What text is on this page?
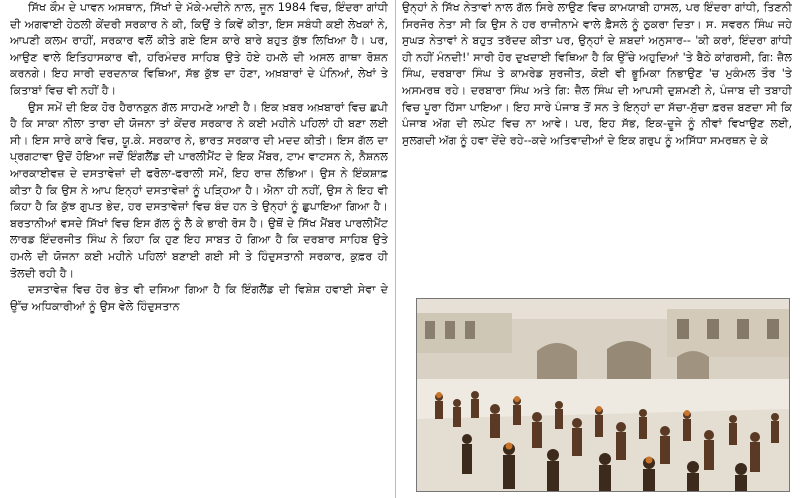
ਸਿੱਖ ਕੌਮ ਦੇ ਪਾਵਨ ਅਸਥਾਨ, ਸਿੱਖਾਂ ਦੇ ਮੱਕੇ-ਮਦੀਨੇ ਨਾਲ, ਜੂਨ 1984 ਵਿਚ, ਇੰਦਰਾ ਗਾਂਧੀ ਦੀ ਅਗਵਾਈ ਹੇਠਲੀ ਕੇਂਦਰੀ ਸਰਕਾਰ ਨੇ ਕੀ, ਕਿਉਂ ਤੇ ਕਿਵੇਂ ਕੀਤਾ, ਇਸ ਸਬੰਧੀ ਕਈ ਲੇਖਕਾਂ ਨੇ, ਆਪਣੀ ਕਲਮ ਰਾਹੀਂ, ਸਰਕਾਰ ਵਲੋਂ ਕੀਤੇ ਗਏ ਇਸ ਕਾਰੇ ਬਾਰੇ ਬਹੁਤ ਕੁੱਝ ਲਿਖਿਆ ਹੈ। ਪਰ, ਆਉਣ ਵਾਲੇ ਇਤਿਹਾਸਕਾਰ ਵੀ, ਹਰਿਮੰਦਰ ਸਾਹਿਬ ਉਤੇ ਹੋਏ ਹਮਲੇ ਦੀ ਅਸਲ ਗਾਥਾ ਰੋਸ਼ਨ ਕਰਨਗੇ। ਇਹ ਸਾਰੀ ਦਰਦਨਾਕ ਵਿਥਿਆ, ਸੱਭ ਕੁੱਝ ਦਾ ਹੋਣਾ, ਅਖ਼ਬਾਰਾਂ ਦੇ ਪੰਨਿਆਂ, ਲੇਖਾਂ ਤੇ ਕਿਤਾਬਾਂ ਵਿਚ ਵੀ ਨਹੀਂ ਹੈ।

ਉਸ ਸਮੇਂ ਦੀ ਇਕ ਹੋਰ ਹੈਰਾਨਕੁਨ ਗੱਲ ਸਾਹਮਣੇ ਆਈ ਹੈ। ਇਕ ਖ਼ਬਰ ਅਖ਼ਬਾਰਾਂ ਵਿਚ ਛਪੀ ਹੈ ਕਿ ਸਾਕਾ ਨੀਲਾ ਤਾਰਾ ਦੀ ਯੋਜਨਾ ਤਾਂ ਕੇਂਦਰ ਸਰਕਾਰ ਨੇ ਕਈ ਮਹੀਨੇ ਪਹਿਲਾਂ ਹੀ ਬਣਾ ਲਈ ਸੀ। ਇਸ ਸਾਰੇ ਕਾਰੇ ਵਿਚ, ਯੂ.ਕੇ. ਸਰਕਾਰ ਨੇ, ਭਾਰਤ ਸਰਕਾਰ ਦੀ ਮਦਦ ਕੀਤੀ। ਇਸ ਗੱਲ ਦਾ ਪ੍ਰਗਟਾਵਾ ਉਦੋਂ ਹੋਇਆ ਜਦੋਂ ਇੰਗਲੈਂਡ ਦੀ ਪਾਰਲੀਮੈਂਟ ਦੇ ਇਕ ਮੈਂਬਰ, ਟਾਮ ਵਾਟਸਨ ਨੇ, ਨੈਸ਼ਨਲ ਆਰਕਾਈਵਜ਼ ਦੇ ਦਸਤਾਵੇਜ਼ਾਂ ਦੀ ਫਰੋਲਾ-ਫਰਾਲੀ ਸਮੇਂ, ਇਹ ਰਾਜ਼ ਲੱਭਿਆ। ਉਸ ਨੇ ਇੰਕਸ਼ਾਫ਼ ਕੀਤਾ ਹੈ ਕਿ ਉਸ ਨੇ ਆਪ ਇਨ੍ਹਾਂ ਦਸਤਾਵੇਜ਼ਾਂ ਨੂੰ ਪੜ੍ਹਿਆ ਹੈ। ਐਨਾ ਹੀ ਨਹੀਂ, ਉਸ ਨੇ ਇਹ ਵੀ ਕਿਹਾ ਹੈ ਕਿ ਕੁੱਝ ਗੁਪਤ ਭੇਦ, ਹਰ ਦਸਤਾਵੇਜ਼ਾਂ ਵਿਚ ਬੰਦ ਹਨ ਤੇ ਉਨ੍ਹਾਂ ਨੂੰ ਛੁਪਾਇਆ ਗਿਆ ਹੈ। ਬਰਤਾਨੀਆਂ ਵਸਦੇ ਸਿੱਖਾਂ ਵਿਚ ਇਸ ਗੱਲ ਨੂੰ ਲੈ ਕੇ ਭਾਰੀ ਰੋਸ ਹੈ। ਉਥੋਂ ਦੇ ਸਿੱਖ ਮੈਂਬਰ ਪਾਰਲੀਮੈਂਟ ਲਾਰਡ ਇੰਦਰਜੀਤ ਸਿੰਘ ਨੇ ਕਿਹਾ ਕਿ ਹੁਣ ਇਹ ਸਾਬਤ ਹੋ ਗਿਆ ਹੈ ਕਿ ਦਰਬਾਰ ਸਾਹਿਬ ਉਤੇ ਹਮਲੇ ਦੀ ਯੋਜਨਾ ਕਈ ਮਹੀਨੇ ਪਹਿਲਾਂ ਬਣਾਈ ਗਈ ਸੀ ਤੇ ਹਿੰਦੁਸਤਾਨੀ ਸਰਕਾਰ, ਕੁਫ਼ਰ ਹੀ ਤੋਲਦੀ ਰਹੀ ਹੈ।

ਦਸਤਾਵੇਜ਼ ਵਿਚ ਹੋਰ ਭੇਤ ਵੀ ਦਸਿਆ ਗਿਆ ਹੈ ਕਿ ਇੰਗਲੈਂਡ ਦੀ ਵਿਸ਼ੇਸ਼ ਹਵਾਈ ਸੇਵਾ ਦੇ ਉੱਚ ਅਧਿਕਾਰੀਆਂ ਨੂੰ ਉਸ ਵੇਲੇ ਹਿੰਦੁਸਤਾਨ

ਉਨ੍ਹਾਂ ਨੇ ਸਿੱਖ ਨੇਤਾਵਾਂ ਨਾਲ ਗੱਲ ਸਿਰੇ ਲਾਉਣ ਵਿਚ ਕਾਮਯਾਬੀ ਹਾਸਲ, ਪਰ ਇੰਦਰਾ ਗਾਂਧੀ, ਤਿਣਨੀ ਸਿਰਜੋਰ ਨੇਤਾ ਸੀ ਕਿ ਉਸ ਨੇ ਹਰ ਰਾਜੀਨਾਮੇ ਵਾਲੇ ਫ਼ੈਸਲੇ ਨੂੰ ਠੁਕਰਾ ਦਿਤਾ। ਸ. ਸਵਰਨ ਸਿੰਘ ਜਹੇ ਸੁਘੜ ਨੇਤਾਵਾਂ ਨੇ ਬਹੁਤ ਤਰੱਦਦ ਕੀਤਾ ਪਰ, ਉਨ੍ਹਾਂ ਦੇ ਸ਼ਬਦਾਂ ਅਨੁਸਾਰ-- 'ਕੀ ਕਰਾਂ, ਇੰਦਰਾ ਗਾਂਧੀ ਹੀ ਨਹੀਂ ਮੰਨਦੀ!' ਸਾਰੀ ਹੋਰ ਦੁਖਦਾਈ ਵਿਥਿਆ ਹੈ ਕਿ ਉੱਚੇ ਅਹੁਦਿਆਂ 'ਤੇ ਬੈਠੇ ਕਾਂਗਰਸੀ, ਗਿ: ਜ਼ੈਲ ਸਿੰਘ, ਦਰਬਾਰਾ ਸਿੰਘ ਤੇ ਕਾਮਰੇਡ ਸੁਰਜੀਤ, ਕੋਈ ਵੀ ਭੂਮਿਕਾ ਨਿਭਾਉਣ 'ਚ ਮੁਕੰਮਲ ਤੌਰ 'ਤੇ ਅਸਮਰਥ ਰਹੇ। ਦਰਬਾਰਾ ਸਿੰਘ ਅਤੇ ਗਿ: ਜ਼ੈਲ ਸਿੰਘ ਦੀ ਆਪਸੀ ਦੁਸ਼ਮਣੀ ਨੇ, ਪੰਜਾਬ ਦੀ ਤਬਾਹੀ ਵਿਚ ਪੂਰਾ ਹਿੱਸਾ ਪਾਇਆ। ਇਹ ਸਾਰੇ ਪੰਜਾਬ ਤੋਂ ਸਨ ਤੇ ਇਨ੍ਹਾਂ ਦਾ ਸੱਚਾ-ਸੁੱਚਾ ਫ਼ਰਜ਼ ਬਣਦਾ ਸੀ ਕਿ ਪੰਜਾਬ ਅੱਗ ਦੀ ਲਪੇਟ ਵਿਚ ਨਾ ਆਵੇ। ਪਰ, ਇਹ ਸੱਭ, ਇਕ-ਦੂਜੇ ਨੂੰ ਨੀਵਾਂ ਵਿਖਾਉਣ ਲਈ, ਸੁਲਗਦੀ ਅੱਗ ਨੂੰ ਹਵਾ ਦੇਂਦੇ ਰਹੇ--ਕਦੇ ਅਤਿਵਾਦੀਆਂ ਦੇ ਇਕ ਗਰੁਪ ਨੂੰ ਅਸਿੱਧਾ ਸਮਰਥਨ ਦੇ ਕੇ
